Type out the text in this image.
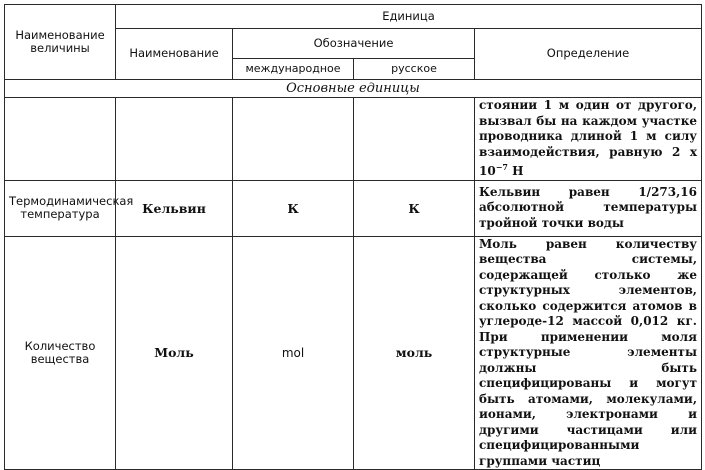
Наименование величины	Единица			
	Наименование	Обозначение		Определение
		международное	русское	
Основные единицы				
				стоянии 1 м один от другого, вызвал бы на каждом участке проводника длиной 1 м силу взаимодействия, равную 2 х $10^{-7}$ Н
Термодинамическая температура	Кельвин	К	К	Кельвин равен 1/273,16 абсолютной температуры тройной точки воды
Количество вещества	Моль	mol	моль	Моль равен количеству вещества системы, содержащей столько же структурных элементов, сколько содержится атомов в углероде-12 массой 0,012 кг. При применении моля структурные элементы должны быть специфицированы и могут быть атомами, молекулами, ионами, электронами и другими частицами или специфицированными группами частиц
